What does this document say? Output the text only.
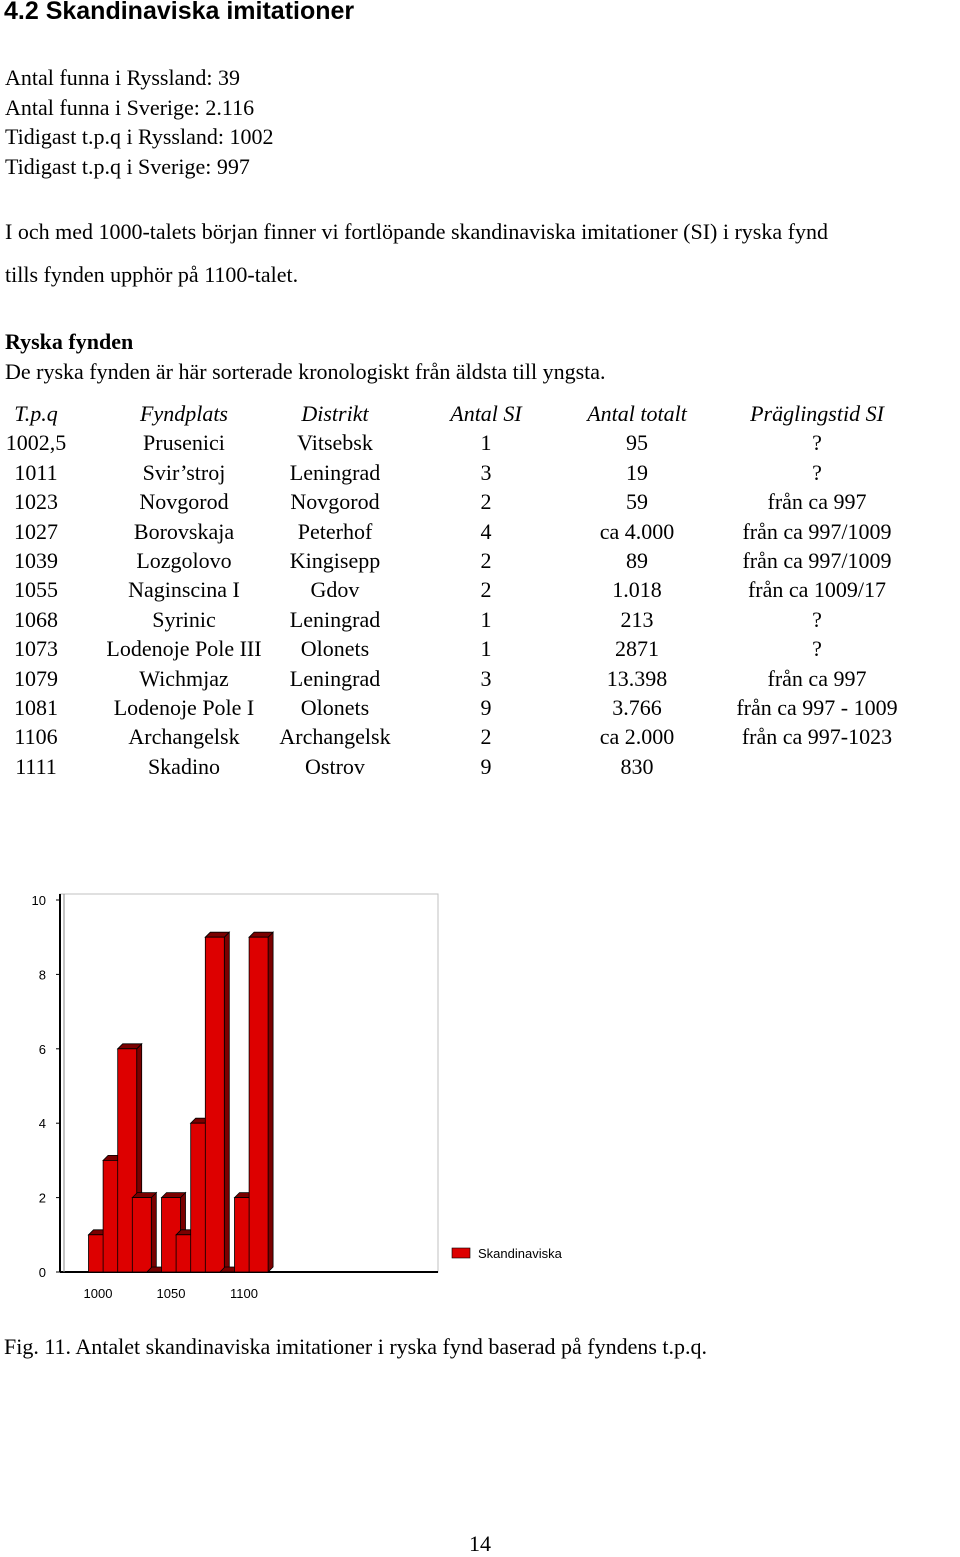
4.2 Skandinaviska imitationer
Antal funna i Ryssland: 39
Antal funna i Sverige: 2.116
Tidigast t.p.q i Ryssland: 1002
Tidigast t.p.q i Sverige: 997
I och med 1000-talets början finner vi fortlöpande skandinaviska imitationer (SI) i ryska fynd
tills fynden upphör på 1100-talet.
Ryska fynden
De ryska fynden är här sorterade kronologiskt från äldsta till yngsta.
T.p.q	Fyndplats	Distrikt	Antal SI	Antal totalt	Präglingstid SI
1002,5	Prusenici	Vitsebsk	1	95	?
1011	Svir’stroj	Leningrad	3	19	?
1023	Novgorod	Novgorod	2	59	från ca 997
1027	Borovskaja	Peterhof	4	ca 4.000	från ca 997/1009
1039	Lozgolovo	Kingisepp	2	89	från ca 997/1009
1055	Naginscina I	Gdov	2	1.018	från ca 1009/17
1068	Syrinic	Leningrad	1	213	?
1073	Lodenoje Pole III	Olonets	1	2871	?
1079	Wichmjaz	Leningrad	3	13.398	från ca 997
1081	Lodenoje Pole I	Olonets	9	3.766	från ca 997 - 1009
1106	Archangelsk	Archangelsk	2	ca 2.000	från ca 997-1023
1111	Skadino	Ostrov	9	830
0
2
4
6
8
10
1000	1050	1100
Skandinaviska
Fig. 11. Antalet skandinaviska imitationer i ryska fynd baserad på fyndens t.p.q.
14
